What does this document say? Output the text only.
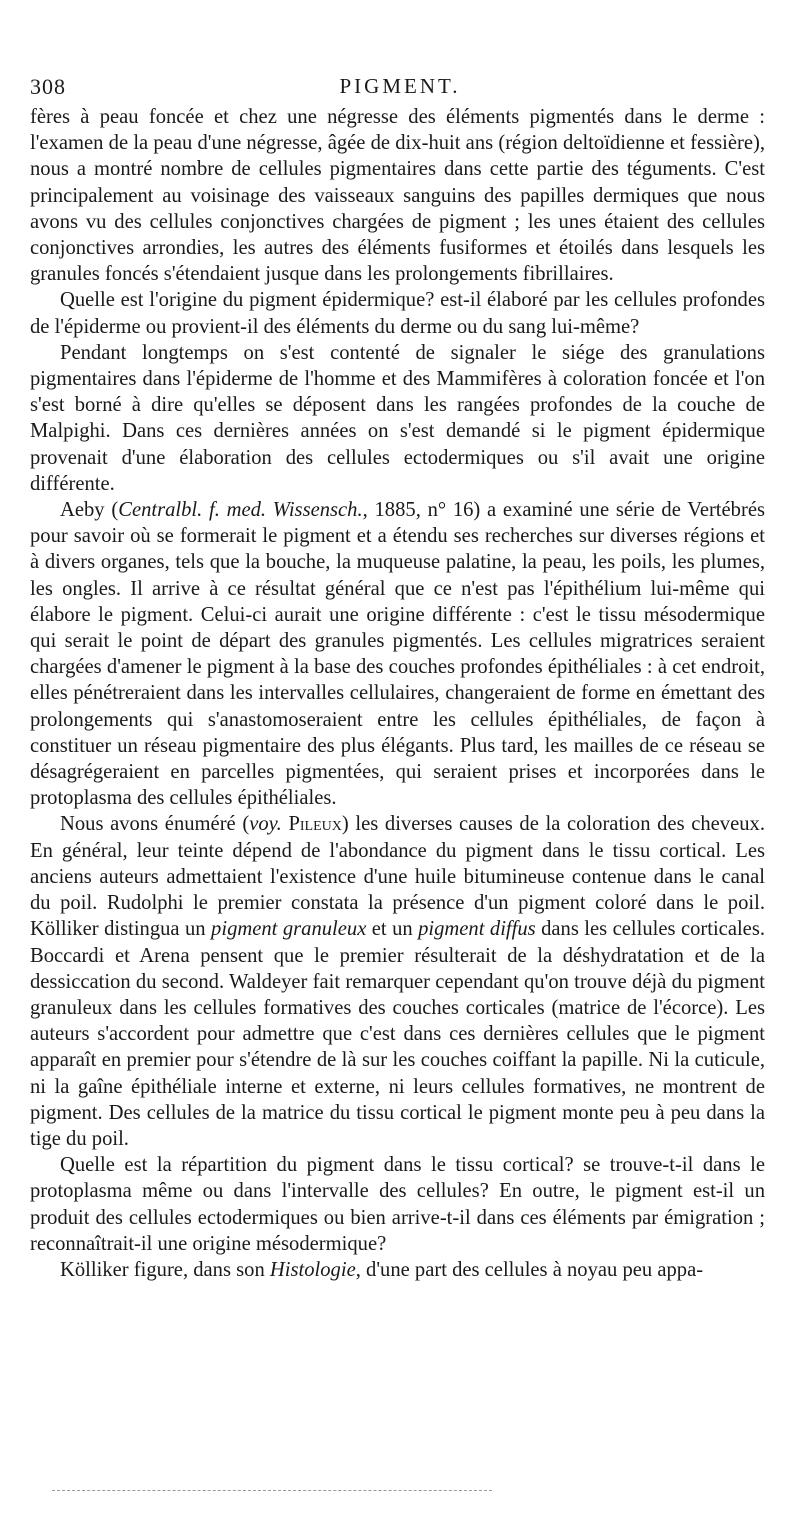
308	PIGMENT.

fères à peau foncée et chez une négresse des éléments pigmentés dans le derme : l'examen de la peau d'une négresse, âgée de dix-huit ans (région deltoïdienne et fessière), nous a montré nombre de cellules pigmentaires dans cette partie des téguments. C'est principalement au voisinage des vaisseaux sanguins des papilles dermiques que nous avons vu des cellules conjonctives chargées de pigment ; les unes étaient des cellules conjonctives arrondies, les autres des éléments fusiformes et étoilés dans lesquels les granules foncés s'étendaient jusque dans les prolongements fibrillaires.

Quelle est l'origine du pigment épidermique? est-il élaboré par les cellules profondes de l'épiderme ou provient-il des éléments du derme ou du sang lui-même?

Pendant longtemps on s'est contenté de signaler le siége des granulations pigmentaires dans l'épiderme de l'homme et des Mammifères à coloration foncée et l'on s'est borné à dire qu'elles se déposent dans les rangées profondes de la couche de Malpighi. Dans ces dernières années on s'est demandé si le pigment épidermique provenait d'une élaboration des cellules ectodermiques ou s'il avait une origine différente.

Aeby (Centralbl. f. med. Wissensch., 1885, n° 16) a examiné une série de Vertébrés pour savoir où se formerait le pigment et a étendu ses recherches sur diverses régions et à divers organes, tels que la bouche, la muqueuse palatine, la peau, les poils, les plumes, les ongles. Il arrive à ce résultat général que ce n'est pas l'épithélium lui-même qui élabore le pigment. Celui-ci aurait une origine différente : c'est le tissu mésodermique qui serait le point de départ des granules pigmentés. Les cellules migratrices seraient chargées d'amener le pigment à la base des couches profondes épithéliales : à cet endroit, elles pénétreraient dans les intervalles cellulaires, changeraient de forme en émettant des prolongements qui s'anastomoseraient entre les cellules épithéliales, de façon à constituer un réseau pigmentaire des plus élégants. Plus tard, les mailles de ce réseau se désagrégeraient en parcelles pigmentées, qui seraient prises et incorporées dans le protoplasma des cellules épithéliales.

Nous avons énuméré (voy. Pileux) les diverses causes de la coloration des cheveux. En général, leur teinte dépend de l'abondance du pigment dans le tissu cortical. Les anciens auteurs admettaient l'existence d'une huile bitumineuse contenue dans le canal du poil. Rudolphi le premier constata la présence d'un pigment coloré dans le poil. Kölliker distingua un pigment granuleux et un pigment diffus dans les cellules corticales. Boccardi et Arena pensent que le premier résulterait de la déshydratation et de la dessiccation du second. Waldeyer fait remarquer cependant qu'on trouve déjà du pigment granuleux dans les cellules formatives des couches corticales (matrice de l'écorce). Les auteurs s'accordent pour admettre que c'est dans ces dernières cellules que le pigment apparaît en premier pour s'étendre de là sur les couches coiffant la papille. Ni la cuticule, ni la gaîne épithéliale interne et externe, ni leurs cellules formatives, ne montrent de pigment. Des cellules de la matrice du tissu cortical le pigment monte peu à peu dans la tige du poil.

Quelle est la répartition du pigment dans le tissu cortical? se trouve-t-il dans le protoplasma même ou dans l'intervalle des cellules? En outre, le pigment est-il un produit des cellules ectodermiques ou bien arrive-t-il dans ces éléments par émigration ; reconnaîtrait-il une origine mésodermique?

Kölliker figure, dans son Histologie, d'une part des cellules à noyau peu appa-
